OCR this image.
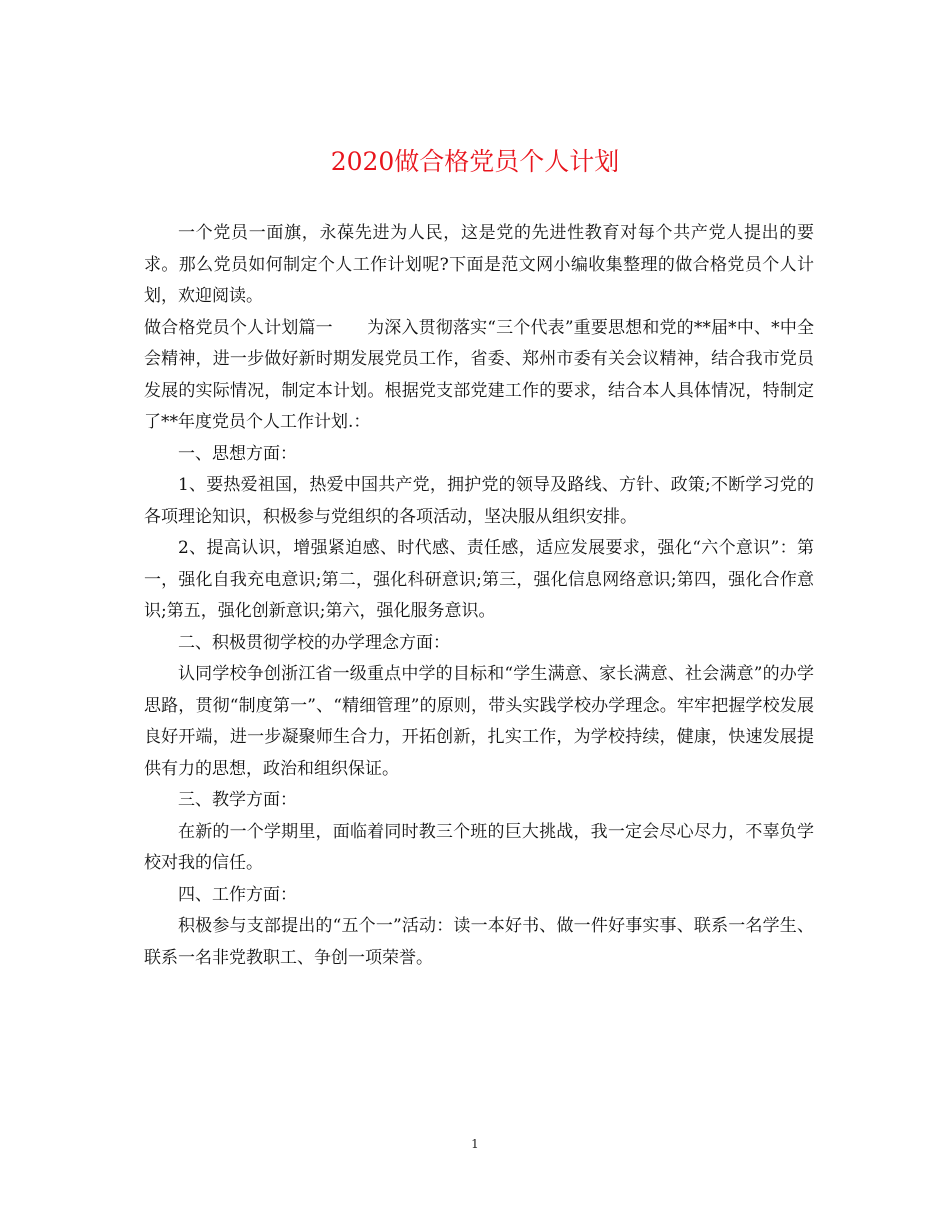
2020做合格党员个人计划

一个党员一面旗，永葆先进为人民，这是党的先进性教育对每个共产党人提出的要求。那么党员如何制定个人工作计划呢?下面是范文网小编收集整理的做合格党员个人计划，欢迎阅读。

做合格党员个人计划篇一　　为深入贯彻落实“三个代表”重要思想和党的**届*中、*中全会精神，进一步做好新时期发展党员工作，省委、郑州市委有关会议精神，结合我市党员发展的实际情况，制定本计划。根据党支部党建工作的要求，结合本人具体情况，特制定了**年度党员个人工作计划.：

一、思想方面：

1、要热爱祖国，热爱中国共产党，拥护党的领导及路线、方针、政策;不断学习党的各项理论知识，积极参与党组织的各项活动，坚决服从组织安排。

2、提高认识，增强紧迫感、时代感、责任感，适应发展要求，强化“六个意识”：第一，强化自我充电意识;第二，强化科研意识;第三，强化信息网络意识;第四，强化合作意识;第五，强化创新意识;第六，强化服务意识。

二、积极贯彻学校的办学理念方面：

认同学校争创浙江省一级重点中学的目标和“学生满意、家长满意、社会满意”的办学思路，贯彻“制度第一”、“精细管理”的原则，带头实践学校办学理念。牢牢把握学校发展良好开端，进一步凝聚师生合力，开拓创新，扎实工作，为学校持续，健康，快速发展提供有力的思想，政治和组织保证。

三、教学方面：

在新的一个学期里，面临着同时教三个班的巨大挑战，我一定会尽心尽力，不辜负学校对我的信任。

四、工作方面：

积极参与支部提出的“五个一”活动：读一本好书、做一件好事实事、联系一名学生、联系一名非党教职工、争创一项荣誉。

1
